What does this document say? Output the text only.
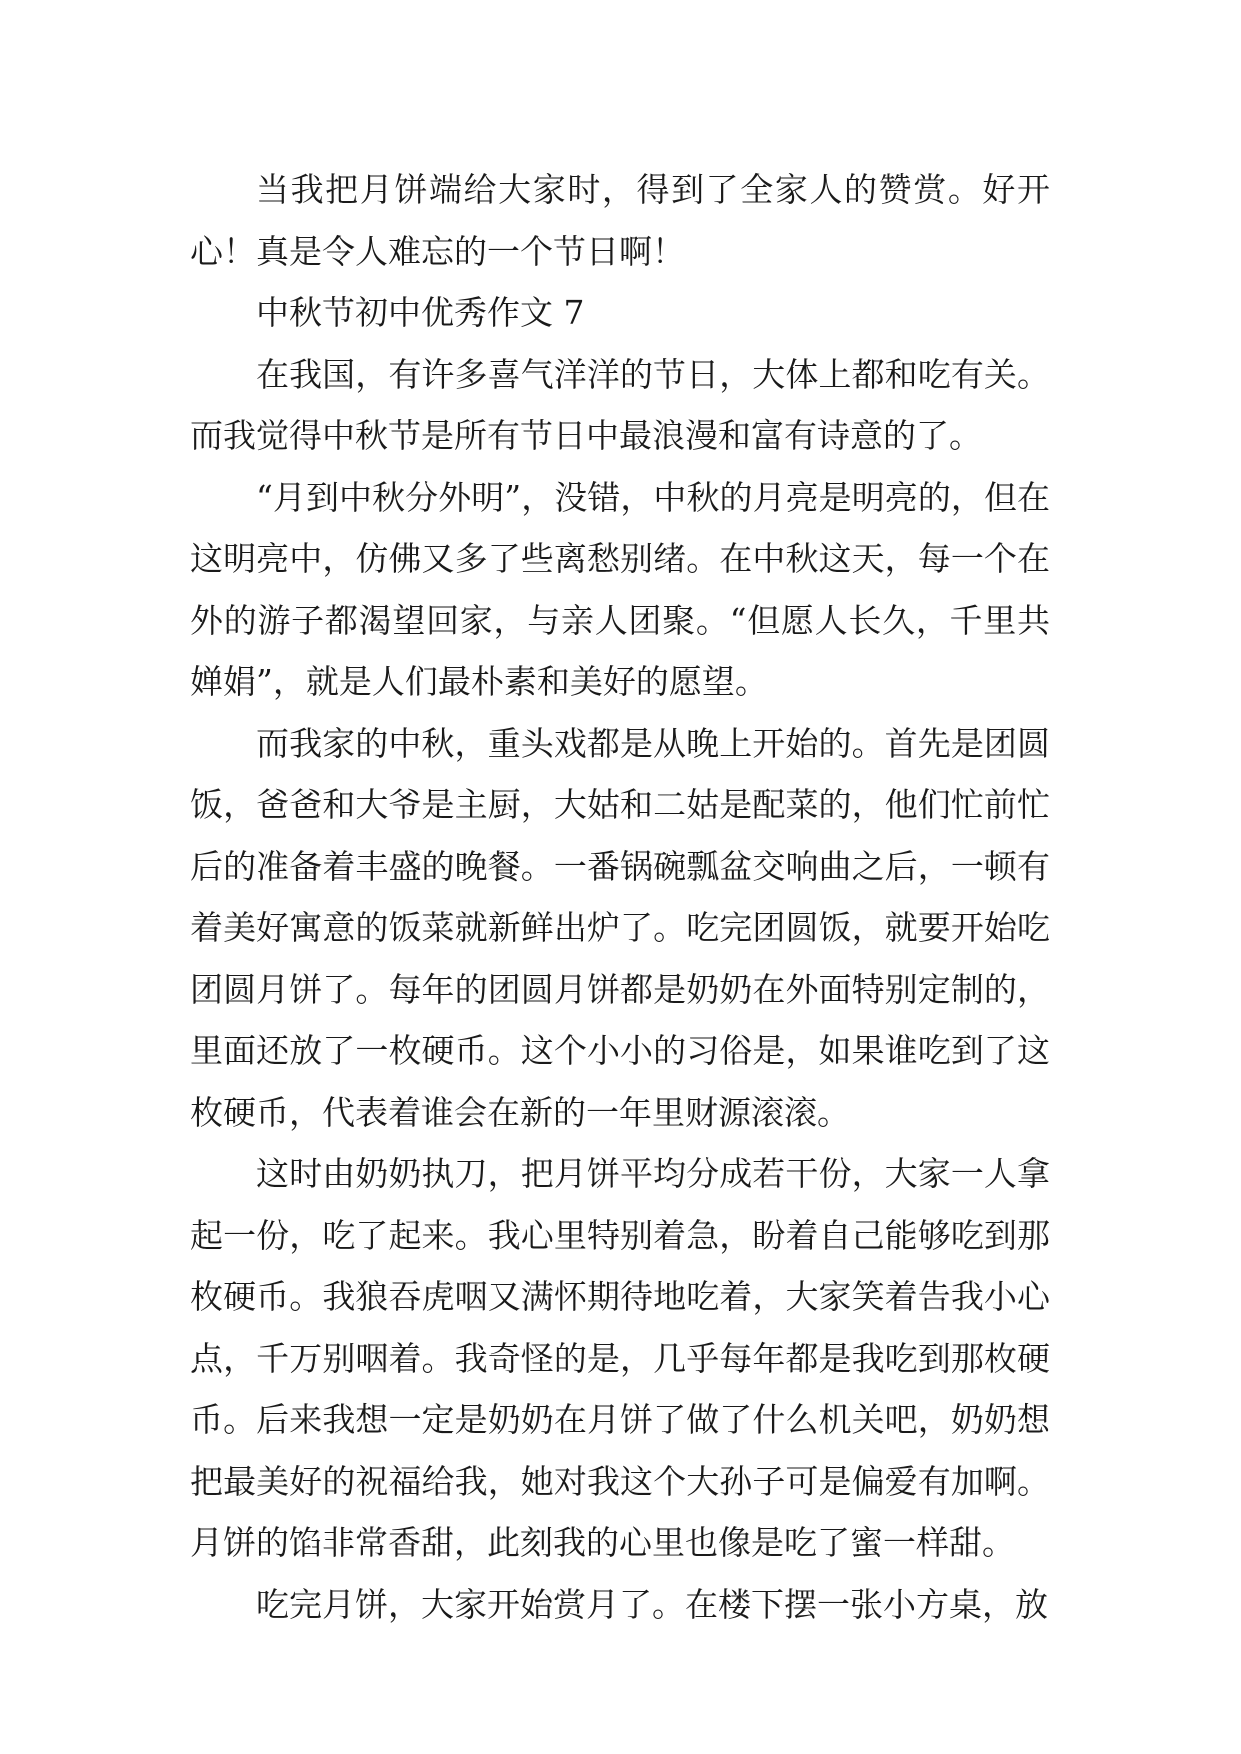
当我把月饼端给大家时，得到了全家人的赞赏。好开心！真是令人难忘的一个节日啊！

中秋节初中优秀作文 7

在我国，有许多喜气洋洋的节日，大体上都和吃有关。而我觉得中秋节是所有节日中最浪漫和富有诗意的了。

“月到中秋分外明”，没错，中秋的月亮是明亮的，但在这明亮中，仿佛又多了些离愁别绪。在中秋这天，每一个在外的游子都渴望回家，与亲人团聚。“但愿人长久，千里共婵娟”，就是人们最朴素和美好的愿望。

而我家的中秋，重头戏都是从晚上开始的。首先是团圆饭，爸爸和大爷是主厨，大姑和二姑是配菜的，他们忙前忙后的准备着丰盛的晚餐。一番锅碗瓢盆交响曲之后，一顿有着美好寓意的饭菜就新鲜出炉了。吃完团圆饭，就要开始吃团圆月饼了。每年的团圆月饼都是奶奶在外面特别定制的，里面还放了一枚硬币。这个小小的习俗是，如果谁吃到了这枚硬币，代表着谁会在新的一年里财源滚滚。

这时由奶奶执刀，把月饼平均分成若干份，大家一人拿起一份，吃了起来。我心里特别着急，盼着自己能够吃到那枚硬币。我狼吞虎咽又满怀期待地吃着，大家笑着告我小心点，千万别咽着。我奇怪的是，几乎每年都是我吃到那枚硬币。后来我想一定是奶奶在月饼了做了什么机关吧，奶奶想把最美好的祝福给我，她对我这个大孙子可是偏爱有加啊。月饼的馅非常香甜，此刻我的心里也像是吃了蜜一样甜。

吃完月饼，大家开始赏月了。在楼下摆一张小方桌，放
